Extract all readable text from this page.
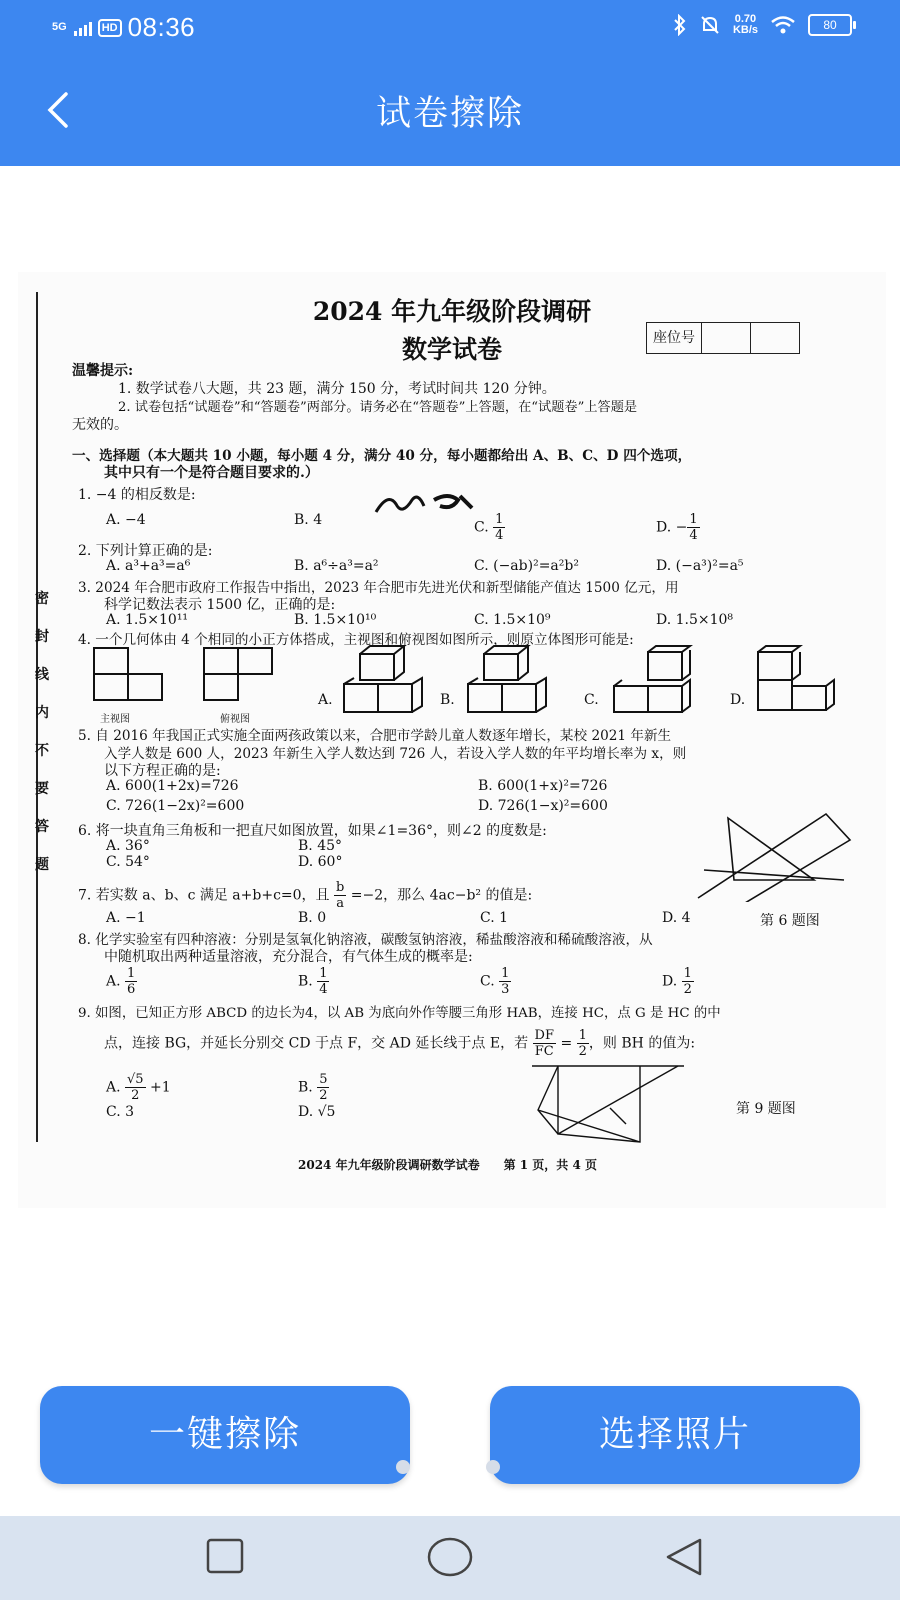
5G	HD 08:36	0.70
KB/s	80
试卷擦除
密 封 线 内 不 要 答 题
2024 年九年级阶段调研
数学试卷	座位号
温馨提示:
1. 数学试卷八大题，共 23 题，满分 150 分，考试时间共 120 分钟。
2. 试卷包括“试题卷”和“答题卷”两部分。请务必在“答题卷”上答题，在“试题卷”上答题是
无效的。
一、选择题（本大题共 10 小题，每小题 4 分，满分 40 分，每小题都给出 A、B、C、D 四个选项，
其中只有一个是符合题目要求的.）
1. −4 的相反数是:
A. −4	B. 4	C. $\frac{1}{4}$	D. − $\frac{1}{4}$
2. 下列计算正确的是:
A. a³+a³=a⁶	B. a⁶÷a³=a²	C. (−ab)²=a²b²	D. (−a³)²=a⁵
3. 2024 年合肥市政府工作报告中指出，2023 年合肥市先进光伏和新型储能产值达 1500 亿元，用
科学记数法表示 1500 亿，正确的是:
A. 1.5×10¹¹	B. 1.5×10¹⁰	C. 1.5×10⁹	D. 1.5×10⁸
4. 一个几何体由 4 个相同的小正方体搭成，主视图和俯视图如图所示，则原立体图形可能是:
主视图	俯视图
A.	B.	C.	D.
5. 自 2016 年我国正式实施全面两孩政策以来，合肥市学龄儿童人数逐年增长，某校 2021 年新生
入学人数是 600 人，2023 年新生入学人数达到 726 人，若设入学人数的年平均增长率为 x，则
以下方程正确的是:
A. 600(1+2x)=726	B. 600(1+x)²=726
C. 726(1−2x)²=600	D. 726(1−x)²=600
6. 将一块直角三角板和一把直尺如图放置，如果∠1=36°，则∠2 的度数是:
A. 36°	B. 45°
C. 54°	D. 60°
7. 若实数 a、b、c 满足 a+b+c=0，且 $\frac{b}{a} =-2$，那么 4ac−b² 的值是:
A. −1	B. 0	C. 1	D. 4	第 6 题图
8. 化学实验室有四种溶液：分别是氢氧化钠溶液，碳酸氢钠溶液，稀盐酸溶液和稀硫酸溶液，从
中随机取出两种适量溶液，充分混合，有气体生成的概率是:
A. $\frac{1}{6}$	B. $\frac{1}{4}$	C. $\frac{1}{3}$	D. $\frac{1}{2}$
9. 如图，已知正方形 ABCD 的边长为4，以 AB 为底向外作等腰三角形 HAB，连接 HC，点 G 是 HC 的中
点，连接 BG，并延长分别交 CD 于点 F，交 AD 延长线于点 E，若 $\frac{DF}{FC} = \frac{1}{2}$ ，则 BH 的值为:
A. $\frac{√5}{2} +1$	B. $\frac{5}{2}$
C. 3	D. √5	第 9 题图
2024 年九年级阶段调研数学试卷　　第 1 页，共 4 页
一键擦除	选择照片
